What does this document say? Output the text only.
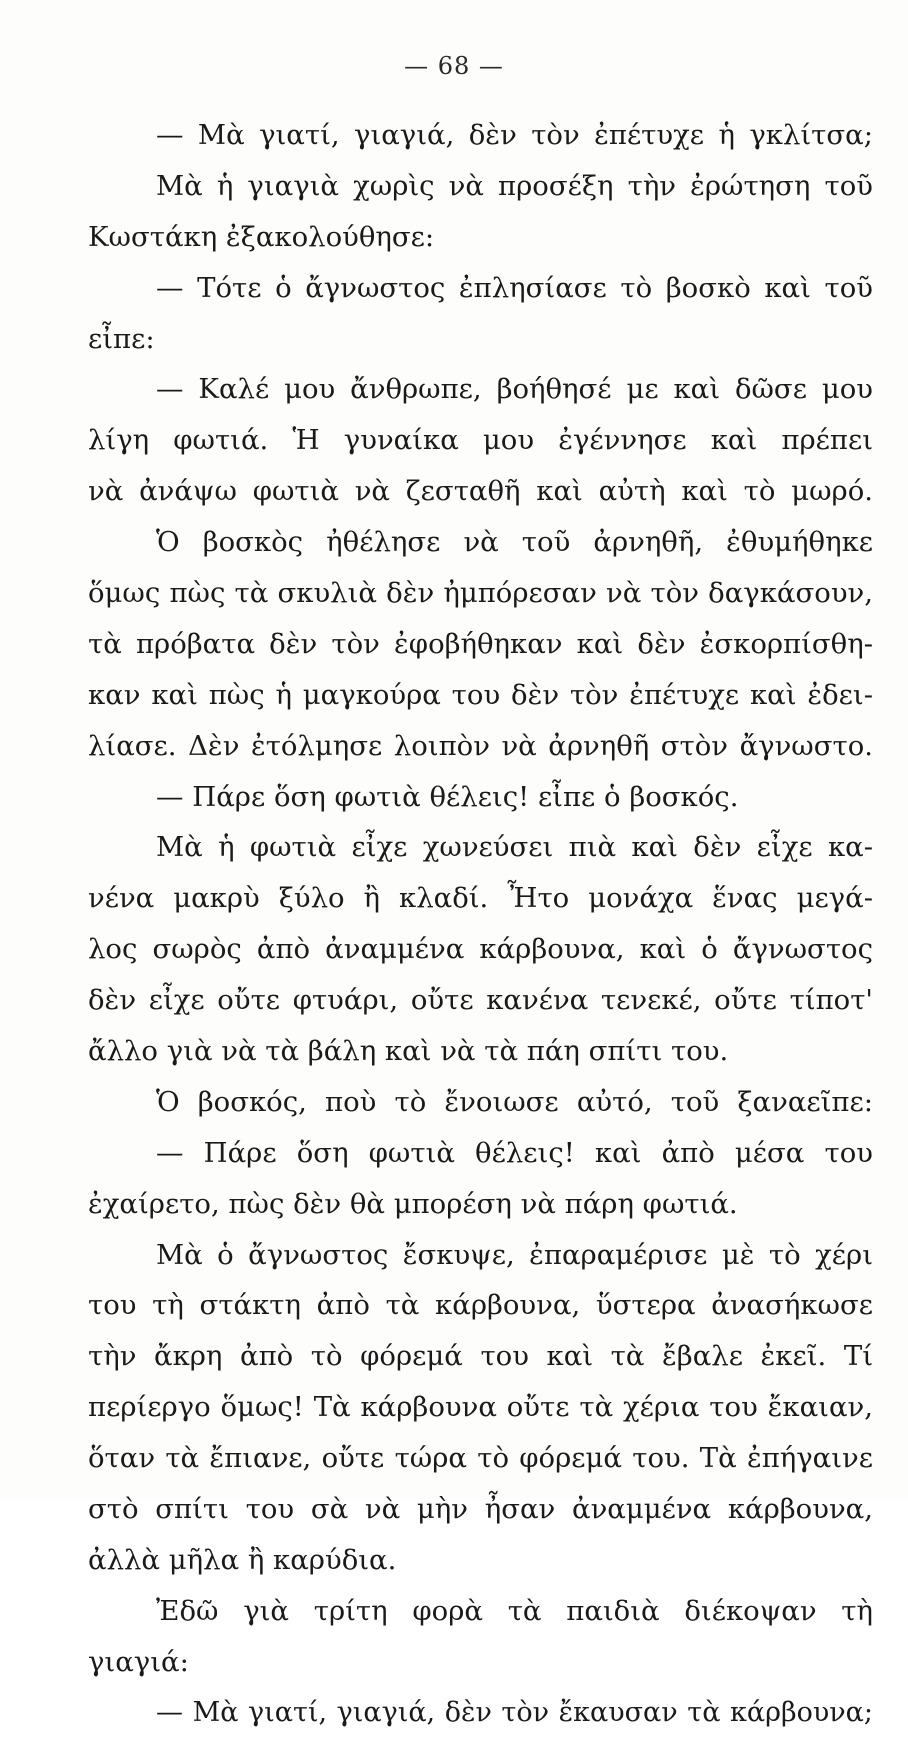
— 68 —
— Μὰ γιατί, γιαγιά, δὲν τὸν ἐπέτυχε ἡ γκλίτσα;
Μὰ ἡ γιαγιὰ χωρὶς νὰ προσέξη τὴν ἐρώτηση τοῦ
Κωστάκη ἐξακολούθησε:
— Τότε ὁ ἄγνωστος ἐπλησίασε τὸ βοσκὸ καὶ τοῦ
εἶπε:
— Καλέ μου ἄνθρωπε, βοήθησέ με καὶ δῶσε μου
λίγη φωτιά. Ἡ γυναίκα μου ἐγέννησε καὶ πρέπει
νὰ ἀνάψω φωτιὰ νὰ ζεσταθῆ καὶ αὐτὴ καὶ τὸ μωρό.
Ὁ βοσκὸς ἠθέλησε νὰ τοῦ ἀρνηθῆ, ἐθυμήθηκε
ὅμως πὼς τὰ σκυλιὰ δὲν ἠμπόρεσαν νὰ τὸν δαγκάσουν,
τὰ πρόβατα δὲν τὸν ἐφοβήθηκαν καὶ δὲν ἐσκορπίσθη-
καν καὶ πὼς ἡ μαγκούρα του δὲν τὸν ἐπέτυχε καὶ ἐδει-
λίασε. Δὲν ἐτόλμησε λοιπὸν νὰ ἀρνηθῆ στὸν ἄγνωστο.
— Πάρε ὅση φωτιὰ θέλεις! εἶπε ὁ βοσκός.
Μὰ ἡ φωτιὰ εἶχε χωνεύσει πιὰ καὶ δὲν εἶχε κα-
νένα μακρὺ ξύλο ἢ κλαδί. Ἦτο μονάχα ἕνας μεγά-
λος σωρὸς ἀπὸ ἀναμμένα κάρβουνα, καὶ ὁ ἄγνωστος
δὲν εἶχε οὔτε φτυάρι, οὔτε κανένα τενεκέ, οὔτε τίποτ'
ἄλλο γιὰ νὰ τὰ βάλη καὶ νὰ τὰ πάη σπίτι του.
Ὁ βοσκός, ποὺ τὸ ἔνοιωσε αὐτό, τοῦ ξαναεῖπε:
— Πάρε ὅση φωτιὰ θέλεις! καὶ ἀπὸ μέσα του
ἐχαίρετο, πὼς δὲν θὰ μπορέση νὰ πάρη φωτιά.
Μὰ ὁ ἄγνωστος ἔσκυψε, ἐπαραμέρισε μὲ τὸ χέρι
του τὴ στάκτη ἀπὸ τὰ κάρβουνα, ὕστερα ἀνασήκωσε
τὴν ἄκρη ἀπὸ τὸ φόρεμά του καὶ τὰ ἔβαλε ἐκεῖ. Τί
περίεργο ὅμως! Τὰ κάρβουνα οὔτε τὰ χέρια του ἔκαιαν,
ὅταν τὰ ἔπιανε, οὔτε τώρα τὸ φόρεμά του. Τὰ ἐπήγαινε
στὸ σπίτι του σὰ νὰ μὴν ἦσαν ἀναμμένα κάρβουνα,
ἀλλὰ μῆλα ἢ καρύδια.
Ἐδῶ γιὰ τρίτη φορὰ τὰ παιδιὰ διέκοψαν τὴ
γιαγιά:
— Μὰ γιατί, γιαγιά, δὲν τὸν ἔκαυσαν τὰ κάρβουνα;
